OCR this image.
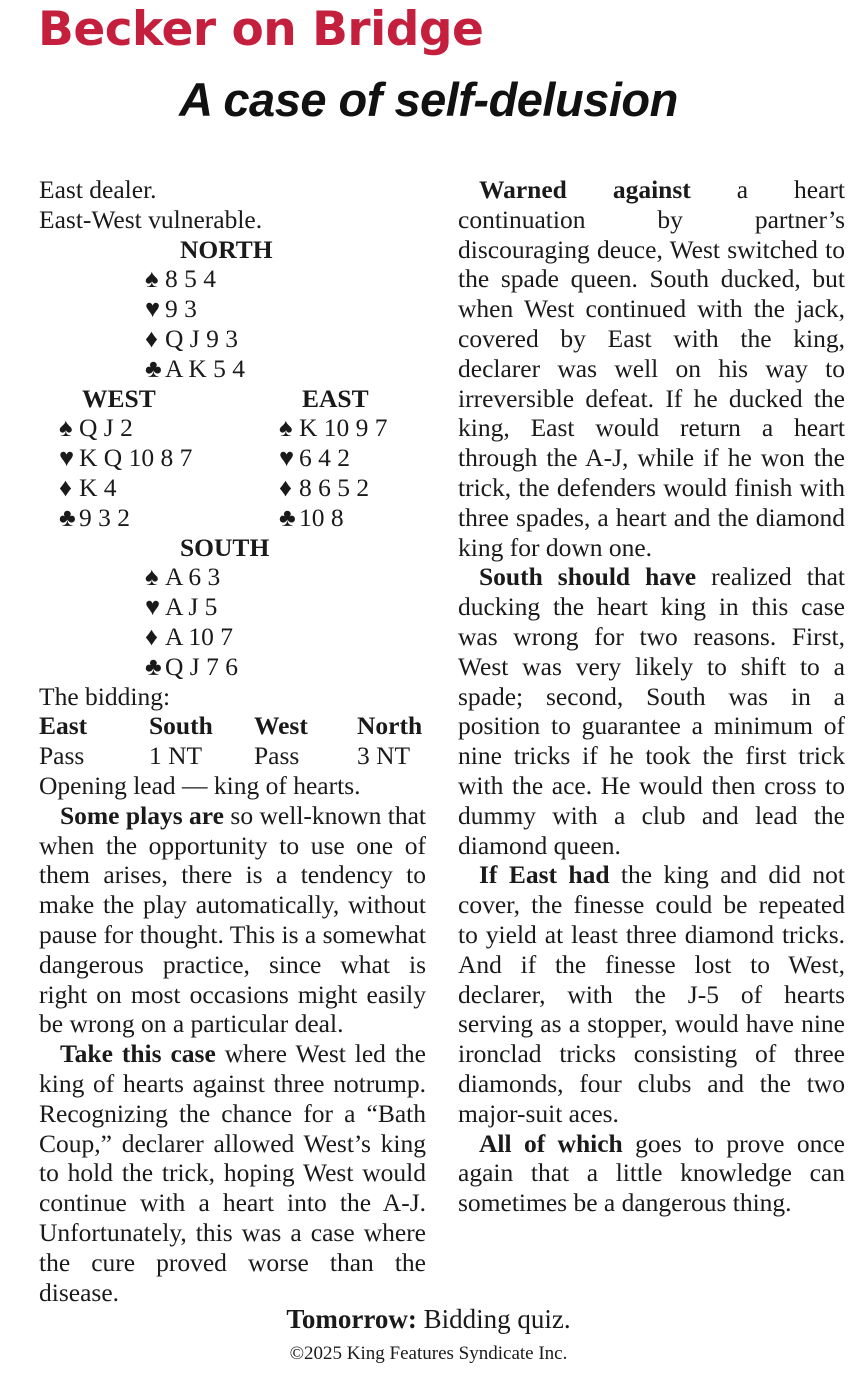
Becker on Bridge
A case of self-delusion
East dealer.
East-West vulnerable.
NORTH
♠ 8 5 4
♥ 9 3
♦ Q J 9 3
♣ A K 5 4
WEST
♠ Q J 2
♥ K Q 10 8 7
♦ K 4
♣ 9 3 2
EAST
♠ K 10 9 7
♥ 6 4 2
♦ 8 6 5 2
♣ 10 8
SOUTH
♠ A 6 3
♥ A J 5
♦ A 10 7
♣ Q J 7 6
The bidding:
East	South	West	North
Pass	1 NT	Pass	3 NT
Opening lead — king of hearts.

Some plays are so well-known that when the opportunity to use one of them arises, there is a tendency to make the play automatically, without pause for thought. This is a somewhat dangerous practice, since what is right on most occasions might easily be wrong on a particular deal.

Take this case where West led the king of hearts against three notrump. Recognizing the chance for a “Bath Coup,” declarer allowed West’s king to hold the trick, hoping West would continue with a heart into the A-J. Unfortunately, this was a case where the cure proved worse than the disease.

Warned against a heart continuation by partner’s discouraging deuce, West switched to the spade queen. South ducked, but when West continued with the jack, covered by East with the king, declarer was well on his way to irreversible defeat. If he ducked the king, East would return a heart through the A-J, while if he won the trick, the defenders would finish with three spades, a heart and the diamond king for down one.

South should have realized that ducking the heart king in this case was wrong for two reasons. First, West was very likely to shift to a spade; second, South was in a position to guarantee a minimum of nine tricks if he took the first trick with the ace. He would then cross to dummy with a club and lead the diamond queen.

If East had the king and did not cover, the finesse could be repeated to yield at least three diamond tricks. And if the finesse lost to West, declarer, with the J-5 of hearts serving as a stopper, would have nine ironclad tricks consisting of three diamonds, four clubs and the two major-suit aces.

All of which goes to prove once again that a little knowledge can sometimes be a dangerous thing.

Tomorrow: Bidding quiz.
©2025 King Features Syndicate Inc.
